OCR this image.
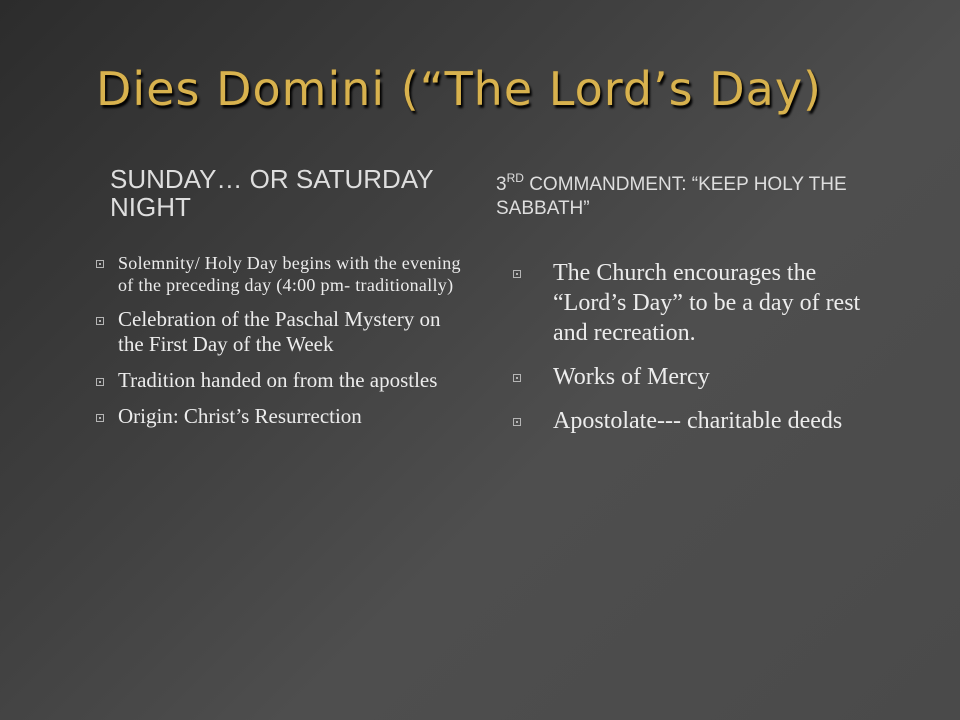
Dies Domini (“The Lord’s Day)
SUNDAY… OR SATURDAY NIGHT
3RD COMMANDMENT: “KEEP HOLY THE SABBATH”
Solemnity/ Holy Day begins with the evening of the preceding day (4:00 pm- traditionally)
Celebration of the Paschal Mystery on the First Day of the Week
Tradition handed on from the apostles
Origin: Christ’s Resurrection
The Church encourages the “Lord’s Day” to be a day of rest and recreation.
Works of Mercy
Apostolate--- charitable deeds
